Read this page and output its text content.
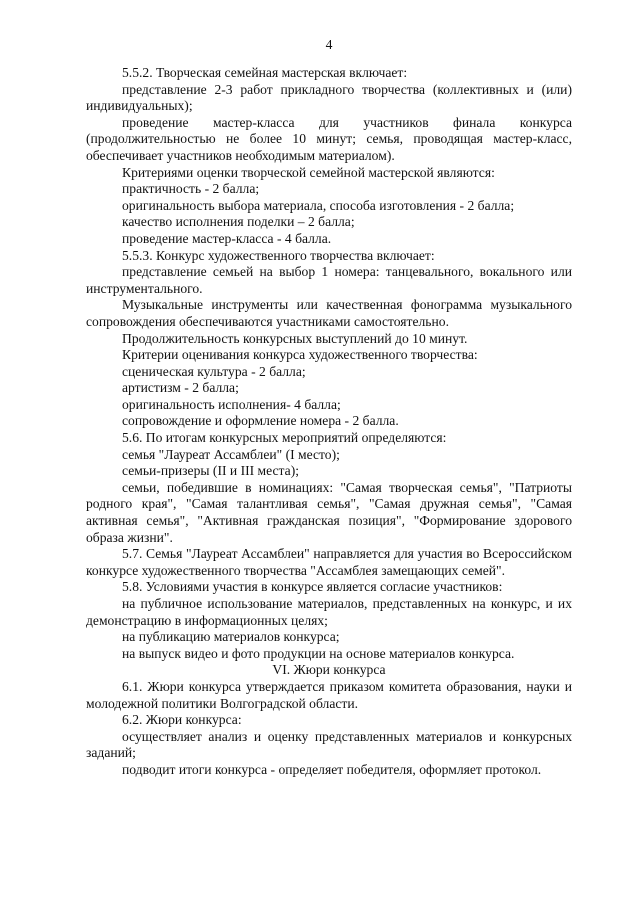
4

5.5.2. Творческая семейная мастерская включает:

представление 2-3 работ прикладного творчества (коллективных и (или) индивидуальных);

проведение мастер-класса для участников финала конкурса (продолжительностью не более 10 минут; семья, проводящая мастер-класс, обеспечивает участников необходимым материалом).

Критериями оценки творческой семейной мастерской являются:

практичность - 2 балла;

оригинальность выбора материала, способа изготовления - 2 балла;

качество исполнения поделки – 2 балла;

проведение мастер-класса - 4 балла.

5.5.3. Конкурс художественного творчества включает:

представление семьей на выбор 1 номера: танцевального, вокального или инструментального.

Музыкальные инструменты или качественная фонограмма музыкального сопровождения обеспечиваются участниками самостоятельно.

Продолжительность конкурсных выступлений до 10 минут.

Критерии оценивания конкурса художественного творчества:

сценическая культура - 2 балла;

артистизм - 2 балла;

оригинальность исполнения- 4 балла;

сопровождение и оформление номера - 2 балла.

5.6. По итогам конкурсных мероприятий определяются:

семья "Лауреат Ассамблеи" (I место);

семьи-призеры (II и III места);

семьи, победившие в номинациях: "Самая творческая семья", "Патриоты родного края", "Самая талантливая семья", "Самая дружная семья", "Самая активная семья", "Активная гражданская позиция", "Формирование здорового образа жизни".

5.7. Семья "Лауреат Ассамблеи" направляется для участия во Всероссийском конкурсе художественного творчества "Ассамблея замещающих семей".

5.8. Условиями участия в конкурсе является согласие участников:

на публичное использование материалов, представленных на конкурс, и их демонстрацию в информационных целях;

на публикацию материалов конкурса;

на выпуск видео и фото продукции на основе материалов конкурса.

VI. Жюри конкурса

6.1. Жюри конкурса утверждается приказом комитета образования, науки и молодежной политики Волгоградской области.

6.2. Жюри конкурса:

осуществляет анализ и оценку представленных материалов и конкурсных заданий;

подводит итоги конкурса - определяет победителя, оформляет протокол.
